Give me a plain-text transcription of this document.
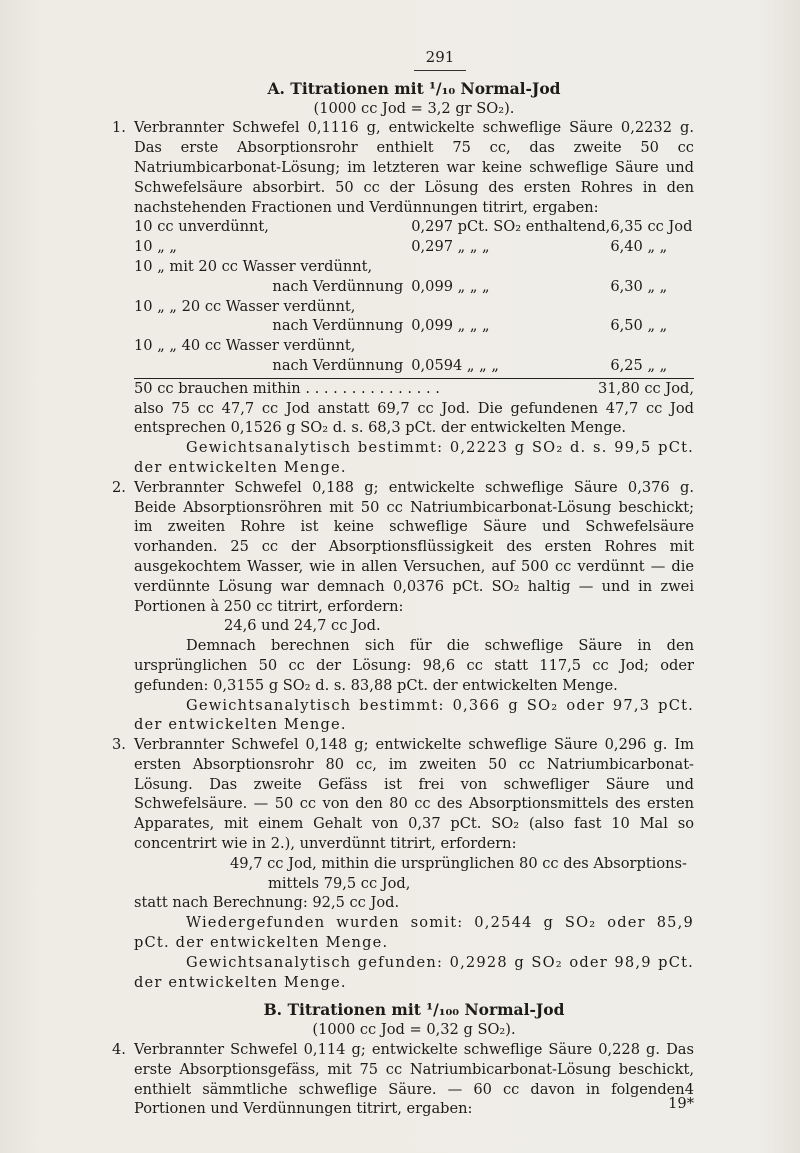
291
A. Titrationen mit ¹/₁₀ Normal-Jod
(1000 cc Jod = 3,2 gr SO₂).
1. Verbrannter Schwefel 0,1116 g, entwickelte schweflige Säure 0,2232 g. Das erste Absorptionsrohr enthielt 75 cc, das zweite 50 cc Natriumbicarbonat-Lösung; im letzteren war keine schweflige Säure und Schwefelsäure absorbirt. 50 cc der Lösung des ersten Rohres in den nachstehenden Fractionen und Verdünnungen titrirt, ergaben:

10 cc unverdünnt,		0,297 pCt. SO₂ enthaltend,	6,35 cc Jod
10 „ „		0,297 „ „ „	6,40 „ „
10 „ mit 20 cc Wasser verdünnt,			
	nach Verdünnung	0,099 „ „ „	6,30 „ „
10 „ „ 20 cc Wasser verdünnt,			
	nach Verdünnung	0,099 „ „ „	6,50 „ „
10 „ „ 40 cc Wasser verdünnt,			
	nach Verdünnung	0,0594 „ „ „	6,25 „ „
50 cc brauchen mithin . . . . . . . . . . . . . . .	31,80 cc Jod,

also 75 cc 47,7 cc Jod anstatt 69,7 cc Jod. Die gefundenen 47,7 cc Jod entsprechen 0,1526 g SO₂ d. s. 68,3 pCt. der entwickelten Menge.

Gewichtsanalytisch bestimmt: 0,2223 g SO₂ d. s. 99,5 pCt. der entwickelten Menge.

2. Verbrannter Schwefel 0,188 g; entwickelte schweflige Säure 0,376 g. Beide Absorptionsröhren mit 50 cc Natriumbicarbonat-Lösung beschickt; im zweiten Rohre ist keine schweflige Säure und Schwefelsäure vorhanden. 25 cc der Absorptionsflüssigkeit des ersten Rohres mit ausgekochtem Wasser, wie in allen Versuchen, auf 500 cc verdünnt — die verdünnte Lösung war demnach 0,0376 pCt. SO₂ haltig — und in zwei Portionen à 250 cc titrirt, erfordern:

24,6 und 24,7 cc Jod.

Demnach berechnen sich für die schweflige Säure in den ursprünglichen 50 cc der Lösung: 98,6 cc statt 117,5 cc Jod; oder gefunden: 0,3155 g SO₂ d. s. 83,88 pCt. der entwickelten Menge.

Gewichtsanalytisch bestimmt: 0,366 g SO₂ oder 97,3 pCt. der entwickelten Menge.

3. Verbrannter Schwefel 0,148 g; entwickelte schweflige Säure 0,296 g. Im ersten Absorptionsrohr 80 cc, im zweiten 50 cc Natriumbicarbonat-Lösung. Das zweite Gefäss ist frei von schwefliger Säure und Schwefelsäure. — 50 cc von den 80 cc des Absorptionsmittels des ersten Apparates, mit einem Gehalt von 0,37 pCt. SO₂ (also fast 10 Mal so concentrirt wie in 2.), unverdünnt titrirt, erfordern:

49,7 cc Jod, mithin die ursprünglichen 80 cc des Absorptions-

mittels 79,5 cc Jod,

statt nach Berechnung: 92,5 cc Jod.

Wiedergefunden wurden somit: 0,2544 g SO₂ oder 85,9 pCt. der entwickelten Menge.

Gewichtsanalytisch gefunden: 0,2928 g SO₂ oder 98,9 pCt. der entwickelten Menge.

B. Titrationen mit ¹/₁₀₀ Normal-Jod
(1000 cc Jod = 0,32 g SO₂).
4. Verbrannter Schwefel 0,114 g; entwickelte schweflige Säure 0,228 g. Das erste Absorptionsgefäss, mit 75 cc Natriumbicarbonat-Lösung beschickt, enthielt sämmtliche schweflige Säure. — 60 cc davon in folgenden4 Portionen und Verdünnungen titrirt, ergaben:	19*
